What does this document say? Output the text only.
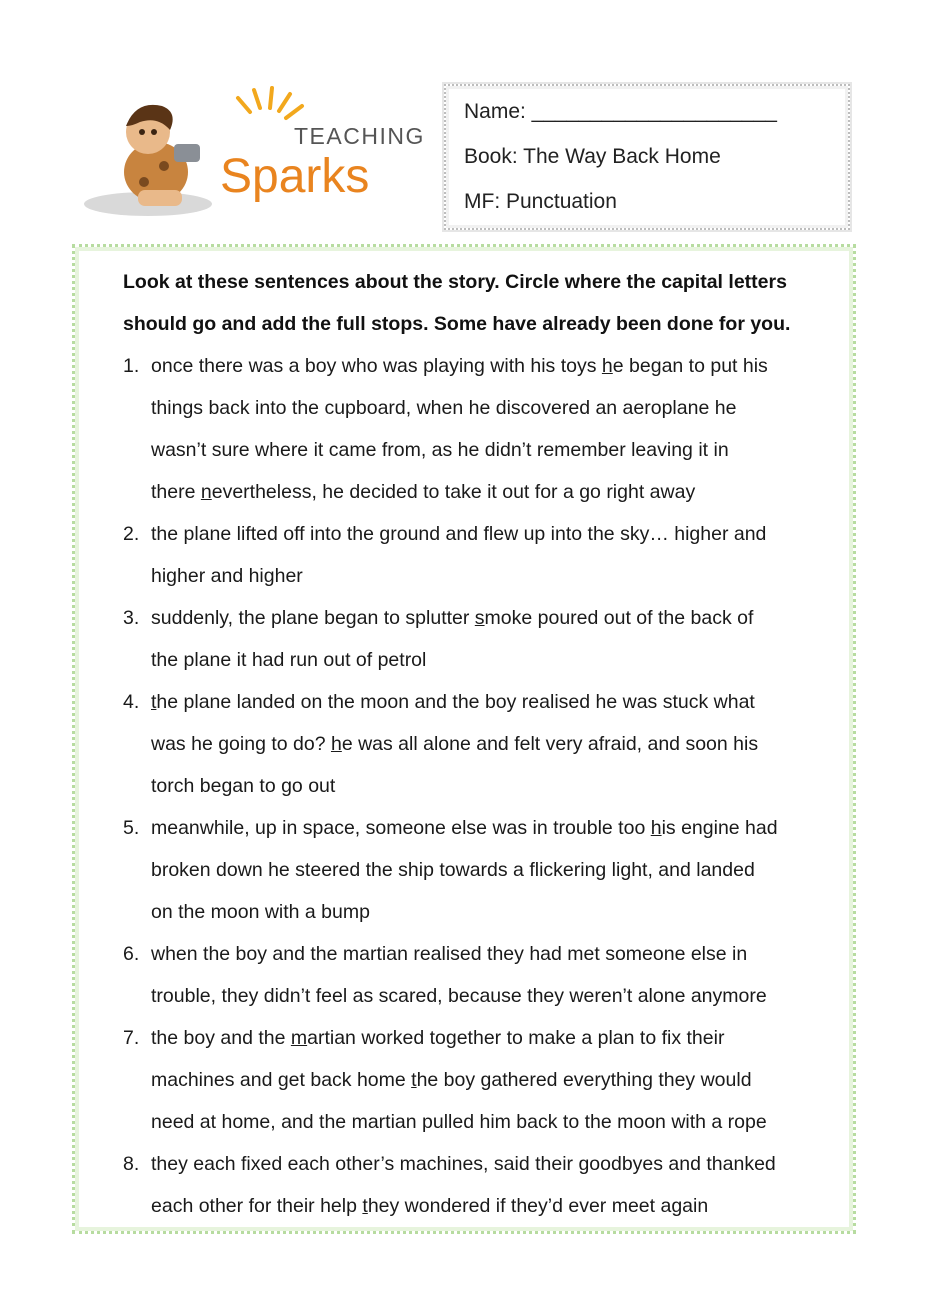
TEACHING
Sparks
Name: _____________________
Book: The Way Back Home
MF: Punctuation
Look at these sentences about the story. Circle where the capital letters
should go and add the full stops. Some have already been done for you.
1. once there was a boy who was playing with his toys he began to put his
things back into the cupboard, when he discovered an aeroplane he
wasn’t sure where it came from, as he didn’t remember leaving it in
there nevertheless, he decided to take it out for a go right away
2. the plane lifted off into the ground and flew up into the sky… higher and
higher and higher
3. suddenly, the plane began to splutter smoke poured out of the back of
the plane it had run out of petrol
4. the plane landed on the moon and the boy realised he was stuck what
was he going to do? he was all alone and felt very afraid, and soon his
torch began to go out
5. meanwhile, up in space, someone else was in trouble too his engine had
broken down he steered the ship towards a flickering light, and landed
on the moon with a bump
6. when the boy and the martian realised they had met someone else in
trouble, they didn’t feel as scared, because they weren’t alone anymore
7. the boy and the martian worked together to make a plan to fix their
machines and get back home the boy gathered everything they would
need at home, and the martian pulled him back to the moon with a rope
8. they each fixed each other’s machines, said their goodbyes and thanked
each other for their help they wondered if they’d ever meet again
